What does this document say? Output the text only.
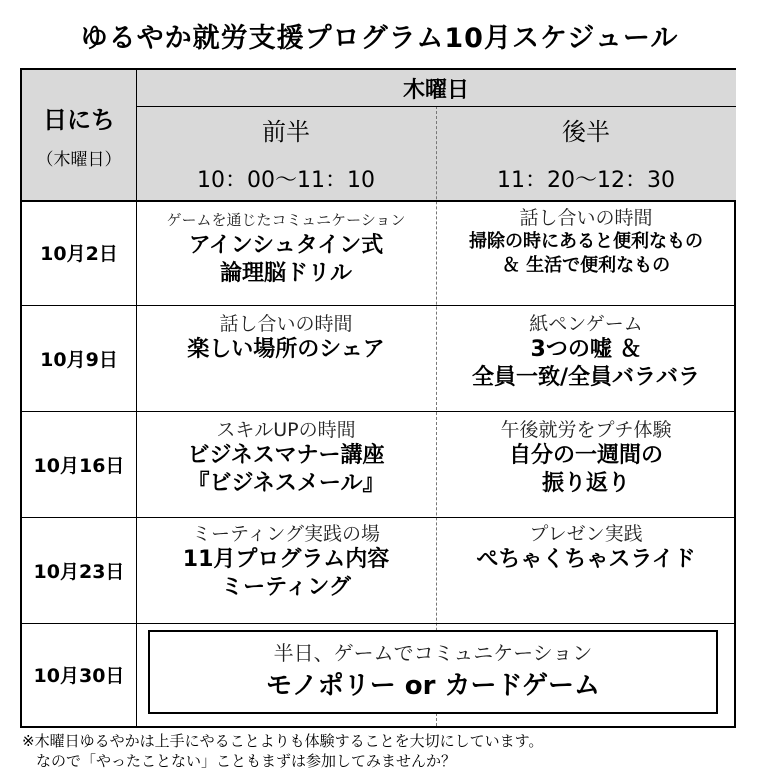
ゆるやか就労支援プログラム10月スケジュール
日にち
（木曜日）
木曜日
前半
10：00～11：10
後半
11：20～12：30
10月2日
ゲームを通じたコミュニケーション
アインシュタイン式
論理脳ドリル
話し合いの時間
掃除の時にあると便利なもの
＆ 生活で便利なもの
10月9日
話し合いの時間
楽しい場所のシェア
紙ペンゲーム
3つの嘘 ＆
全員一致/全員バラバラ
10月16日
スキルUPの時間
ビジネスマナー講座
『ビジネスメール』
午後就労をプチ体験
自分の一週間の
振り返り
10月23日
ミーティング実践の場
11月プログラム内容
ミーティング
プレゼン実践
ぺちゃくちゃスライド
10月30日
半日、ゲームでコミュニケーション
モノポリー or カードゲーム
※木曜日ゆるやかは上手にやることよりも体験することを大切にしています。
なので「やったことない」こともまずは参加してみませんか？
